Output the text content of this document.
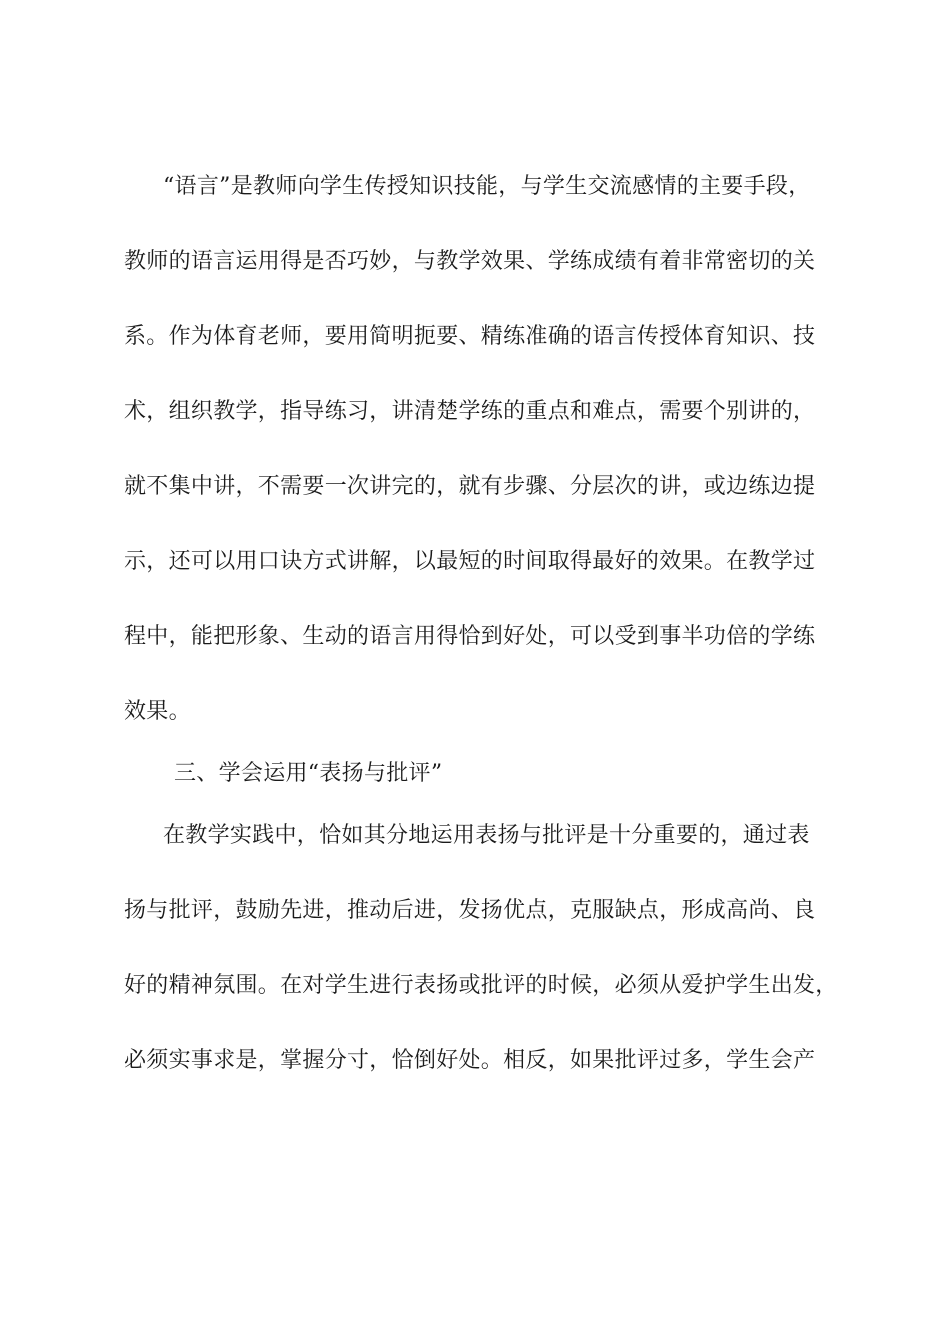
“语言”是教师向学生传授知识技能，与学生交流感情的主要手段，
教师的语言运用得是否巧妙，与教学效果、学练成绩有着非常密切的关
系。作为体育老师，要用简明扼要、精练准确的语言传授体育知识、技
术，组织教学，指导练习，讲清楚学练的重点和难点，需要个别讲的，
就不集中讲，不需要一次讲完的，就有步骤、分层次的讲，或边练边提
示，还可以用口诀方式讲解，以最短的时间取得最好的效果。在教学过
程中，能把形象、生动的语言用得恰到好处，可以受到事半功倍的学练
效果。
三、学会运用“表扬与批评”
在教学实践中，恰如其分地运用表扬与批评是十分重要的，通过表
扬与批评，鼓励先进，推动后进，发扬优点，克服缺点，形成高尚、良
好的精神氛围。在对学生进行表扬或批评的时候，必须从爱护学生出发，
必须实事求是，掌握分寸，恰倒好处。相反，如果批评过多，学生会产
